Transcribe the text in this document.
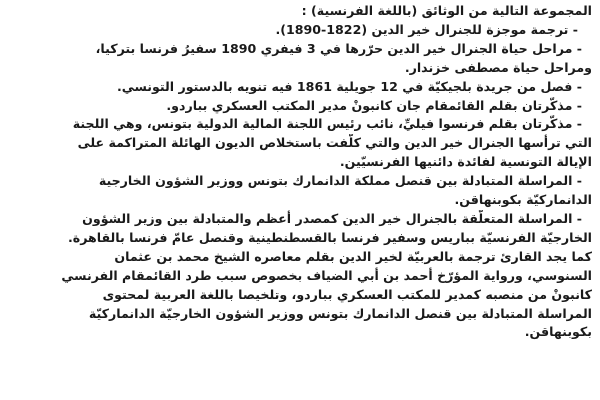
المجموعة التالية من الوثائق (باللغة الفرنسية) :
- ترجمة موجزة للجنرال خير الدين (1822-1890).
- مراحل حياة الجنرال خير الدين حرّرها في 3 فيفري 1890 سفيرُ فرنسا بتركيا،
ومراحل حياة مصطفى خزندار.
- فصل من جريدة بلجيكيّة في 12 جويلية 1861 فيه تنويه بالدستور التونسي.
- مذكّرتان بقلم القائمقام جان كانبونْ مدير المكتب العسكري بباردو.
- مذكّرتان بقلم فرنسوا فيليِّ، نائب رئيس اللجنة المالية الدولية بتونس، وهي اللجنة
التي ترأسها الجنرال خير الدين والتي كلّفت باستخلاص الديون الهائلة المتراكمة على
الإيالة التونسية لفائدة دائنيها الفرنسيّين.
- المراسلة المتبادلة بين قنصل مملكة الدانمارك بتونس ووزير الشؤون الخارجية
الدانماركيّة بكوبنهاقن.
- المراسلة المتعلّقة بالجنرال خير الدين كمصدر أعظم والمتبادلة بين وزير الشؤون
الخارجيّة الفرنسيّة بباريس وسفير فرنسا بالقسطنطينية وقنصل عامّ فرنسا بالقاهرة.
كما يجد القارئ ترجمة بالعربيّة لخير الدين بقلم معاصره الشيخ محمد بن عثمان
السنوسي، ورواية المؤرّخ أحمد بن أبي الضياف بخصوص سبب طرد القائمقام الفرنسي
كانبونْ من منصبه كمدير للمكتب العسكري بباردو، وتلخيصا باللغة العربية لمحتوى
المراسلة المتبادلة بين قنصل الدانمارك بتونس ووزير الشؤون الخارجيّة الدانماركيّة
بكوبنهاقن.
